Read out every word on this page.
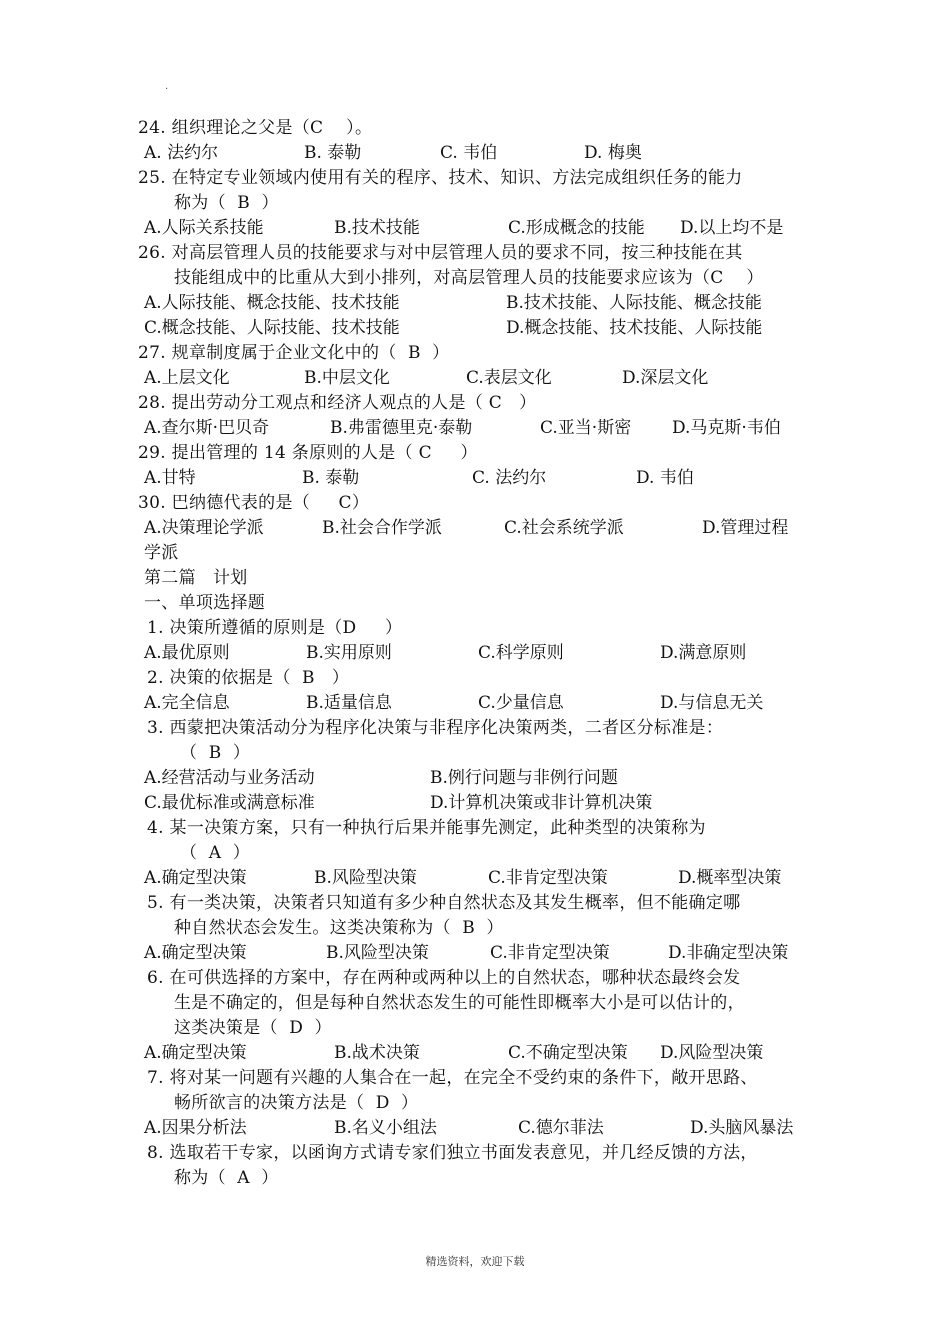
·
24. 组织理论之父是（C    ）。
A. 法约尔	B. 泰勒	C. 韦伯	D. 梅奥
25. 在特定专业领域内使用有关的程序、技术、知识、方法完成组织任务的能力
称为（  B  ）
A.人际关系技能	B.技术技能	C.形成概念的技能 D.以上均不是
26. 对高层管理人员的技能要求与对中层管理人员的要求不同，按三种技能在其
技能组成中的比重从大到小排列，对高层管理人员的技能要求应该为（C    ）
A.人际技能、概念技能、技术技能	B.技术技能、人际技能、概念技能
C.概念技能、人际技能、技术技能	D.概念技能、技术技能、人际技能
27. 规章制度属于企业文化中的（  B  ）
A.上层文化	B.中层文化	C.表层文化	D.深层文化
28. 提出劳动分工观点和经济人观点的人是（ C   ）
A.查尔斯·巴贝奇	B.弗雷德里克·泰勒	C.亚当·斯密 D.马克斯·韦伯
29. 提出管理的 14 条原则的人是（ C     ）
A.甘特	B. 泰勒	C. 法约尔	D. 韦伯
30. 巴纳德代表的是（     C）
A.决策理论学派	B.社会合作学派	C.社会系统学派	D.管理过程
学派
第二篇   计划
一、单项选择题
1. 决策所遵循的原则是（D     ）
A.最优原则	B.实用原则	C.科学原则	D.满意原则
2. 决策的依据是（  B   ）
A.完全信息	B.适量信息	C.少量信息	D.与信息无关
3. 西蒙把决策活动分为程序化决策与非程序化决策两类，二者区分标准是：
（  B  ）
A.经营活动与业务活动	B.例行问题与非例行问题
C.最优标准或满意标准	D.计算机决策或非计算机决策
4. 某一决策方案，只有一种执行后果并能事先测定，此种类型的决策称为
（  A  ）
A.确定型决策	B.风险型决策	C.非肯定型决策	D.概率型决策
5. 有一类决策，决策者只知道有多少种自然状态及其发生概率，但不能确定哪
种自然状态会发生。这类决策称为（  B  ）
A.确定型决策	B.风险型决策	C.非肯定型决策	D.非确定型决策
6. 在可供选择的方案中，存在两种或两种以上的自然状态，哪种状态最终会发
生是不确定的，但是每种自然状态发生的可能性即概率大小是可以估计的，
这类决策是（  D  ）
A.确定型决策	B.战术决策	C.不确定型决策 D.风险型决策
7. 将对某一问题有兴趣的人集合在一起，在完全不受约束的条件下，敞开思路、
畅所欲言的决策方法是（  D  ）
A.因果分析法	B.名义小组法	C.德尔菲法	D.头脑风暴法
8. 选取若干专家，以函询方式请专家们独立书面发表意见，并几经反馈的方法，
称为（  A  ）
精选资料，欢迎下载
